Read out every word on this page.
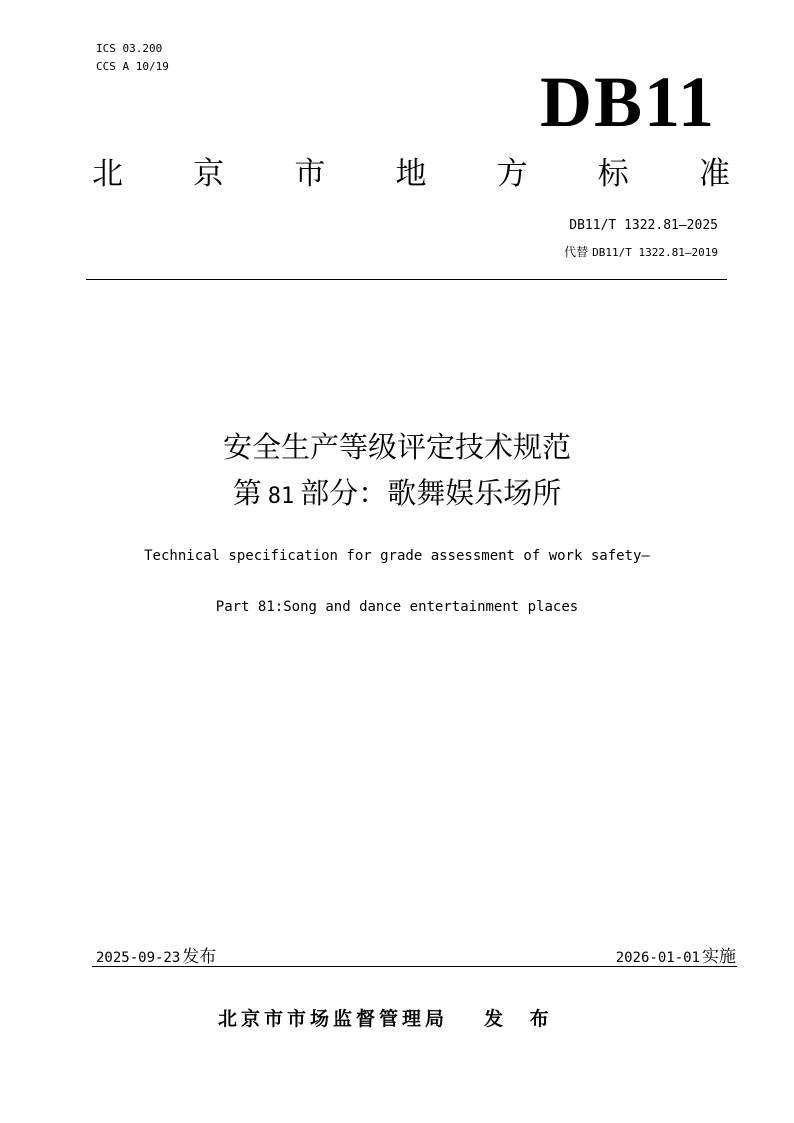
ICS 03.200
CCS A 10/19	DB11
北 京 市 地 方 标 准
DB11/T 1322.81—2025
代替 DB11/T 1322.81—2019
安全生产等级评定技术规范
第 81 部分：歌舞娱乐场所
Technical specification for grade assessment of work safety—
Part 81:Song and dance entertainment places
2025-09-23 发布	2026-01-01 实施
北京市市场监督管理局 发 布
